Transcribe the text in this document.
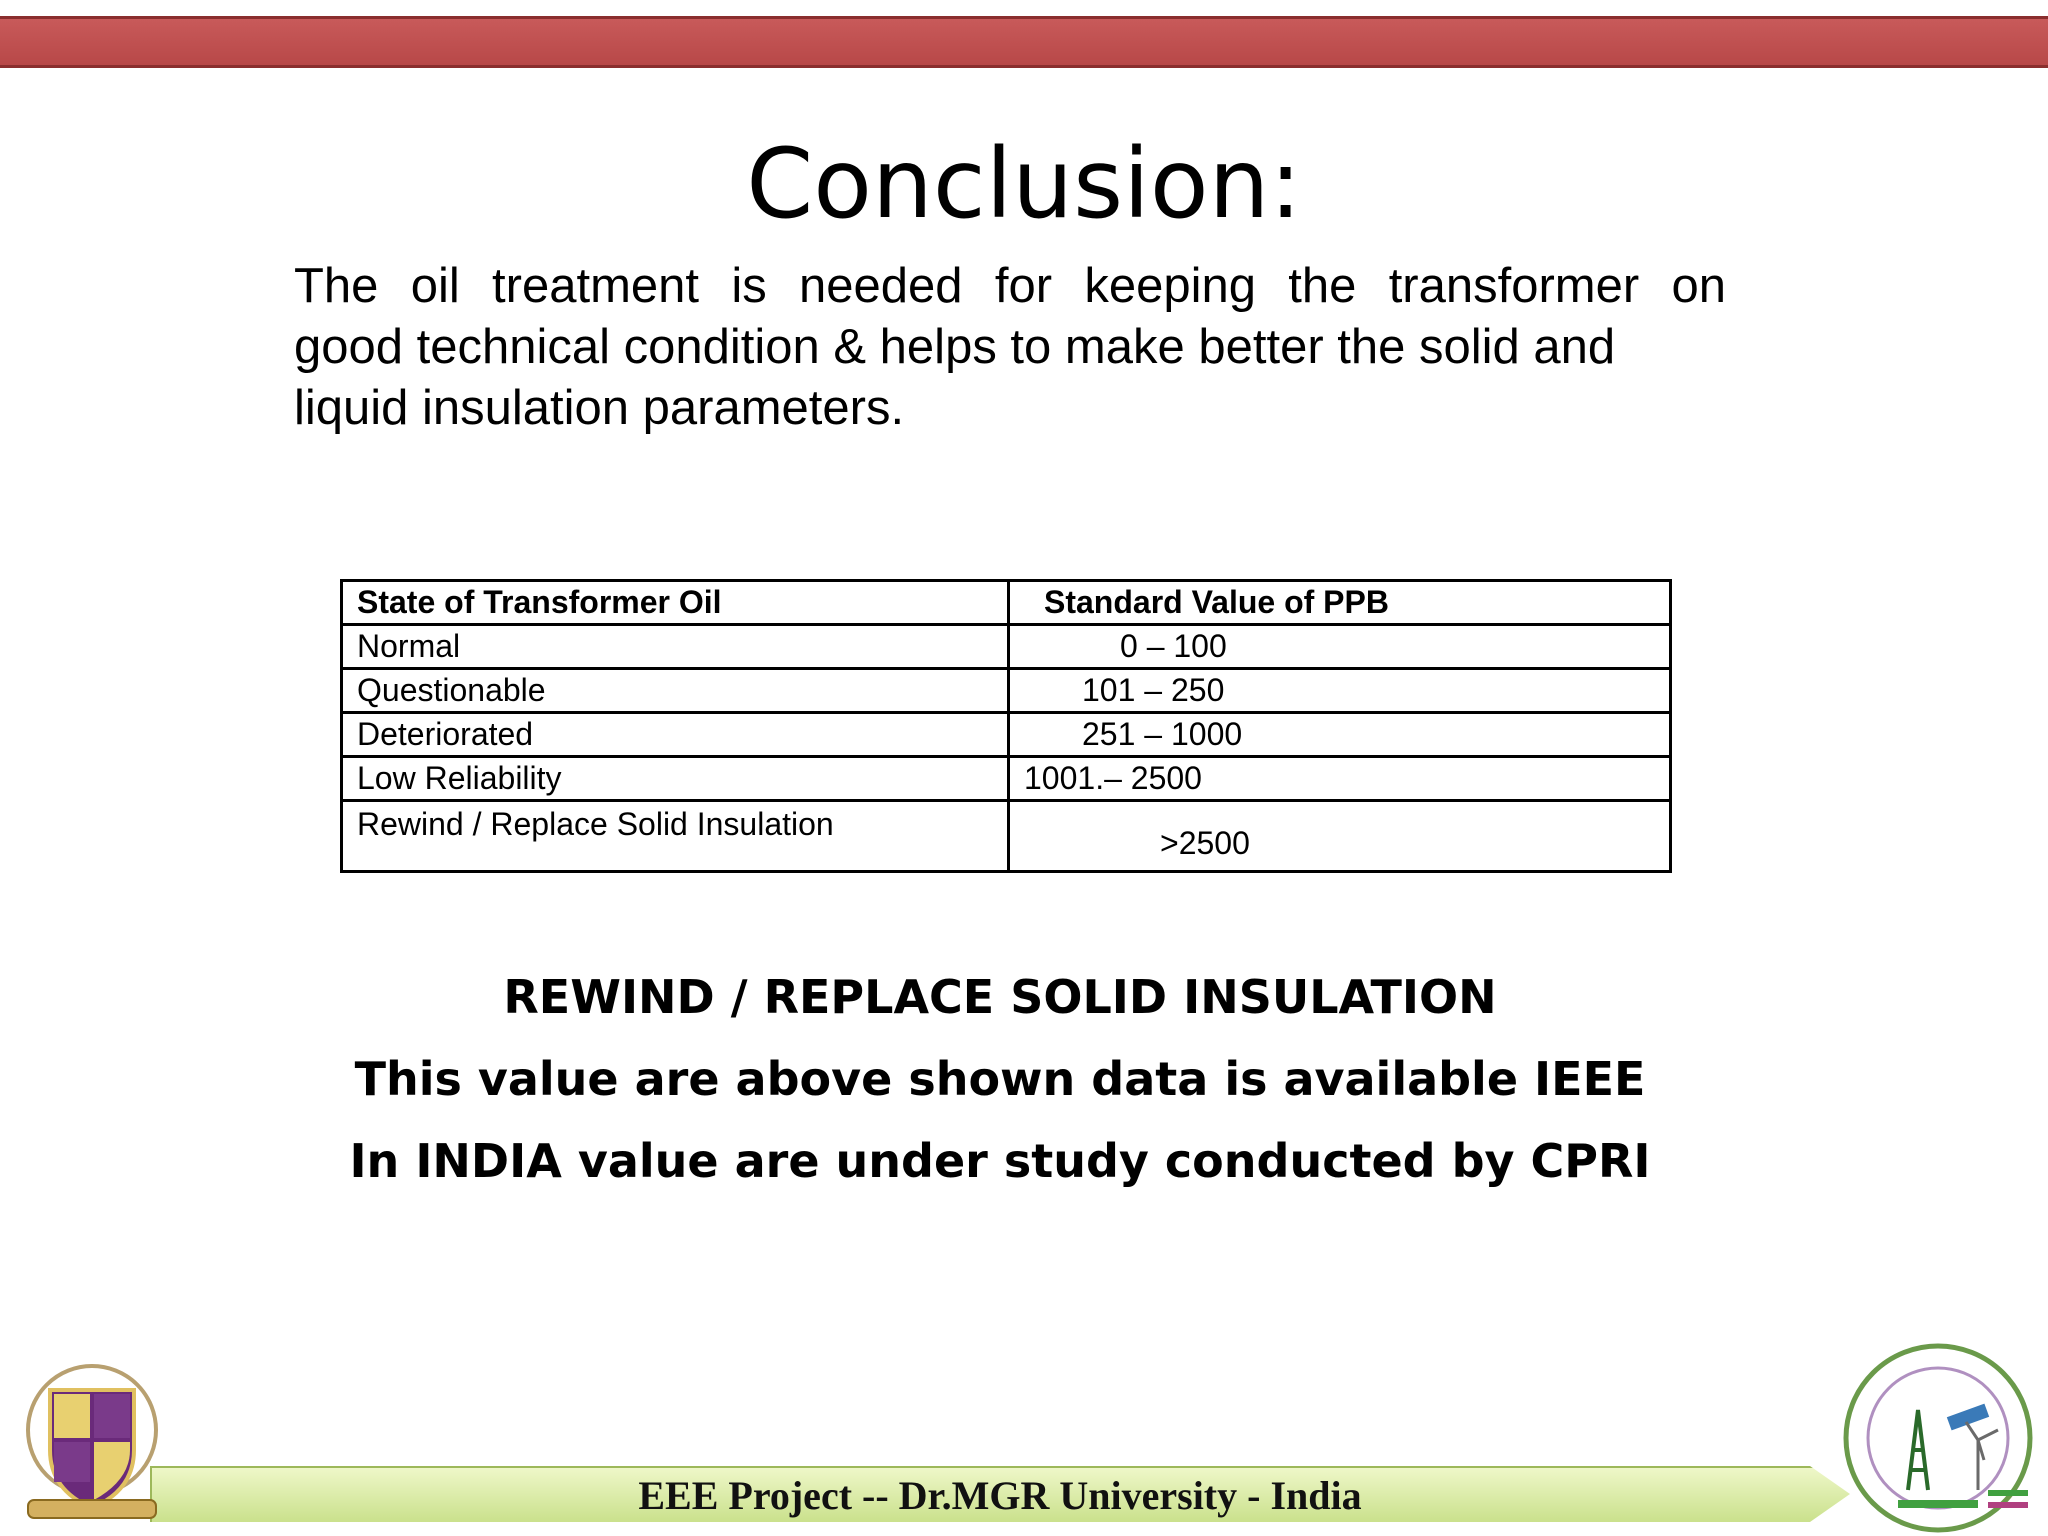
Conclusion:
The oil treatment is needed for keeping the transformer on
good technical condition & helps to make better the solid and
liquid insulation parameters.
State of Transformer Oil	Standard Value of PPB
Normal	0 – 100
Questionable	101 – 250
Deteriorated	251 – 1000
Low Reliability	1001.– 2500
Rewind / Replace Solid Insulation	>2500
REWIND / REPLACE SOLID INSULATION
This value are above shown data is available IEEE
In INDIA value are under study conducted by CPRI
EEE Project -- Dr.MGR University - India
